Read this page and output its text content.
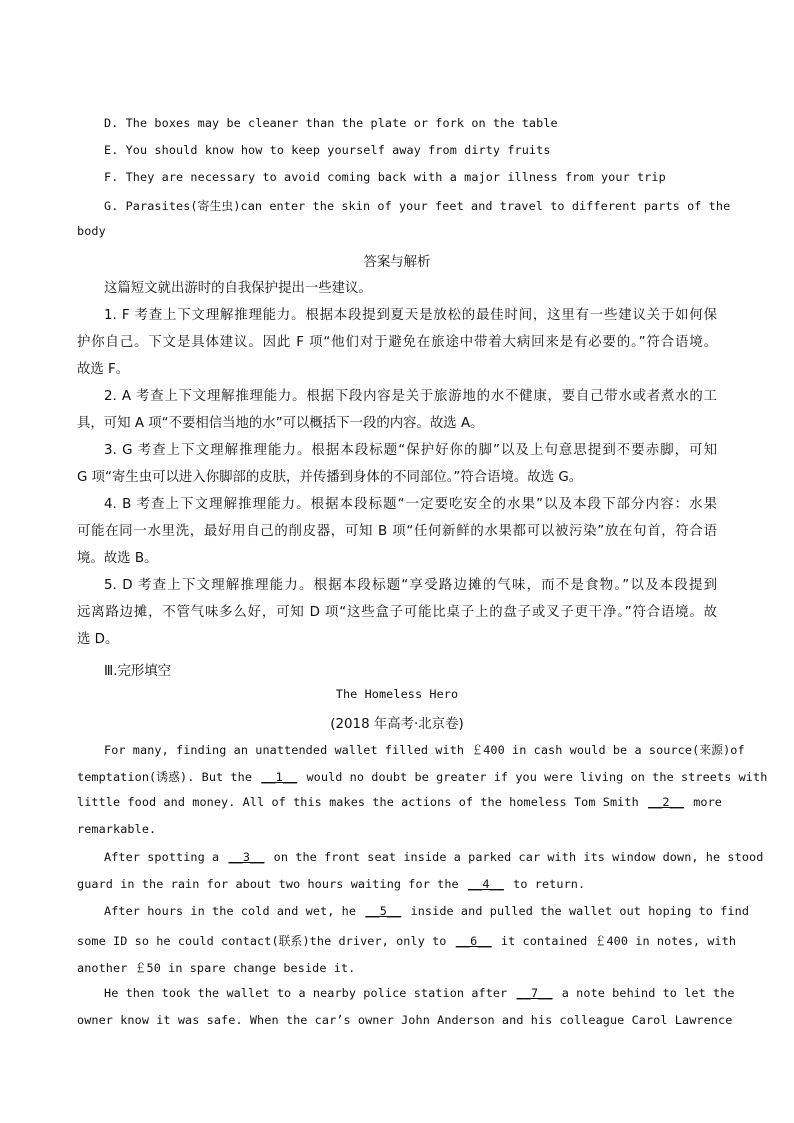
D. The boxes may be cleaner than the plate or fork on the table
E. You should know how to keep yourself away from dirty fruits
F. They are necessary to avoid coming back with a major illness from your trip
G. Parasites(寄生虫)can enter the skin of your feet and travel to different parts of the
body
答案与解析
这篇短文就出游时的自我保护提出一些建议。
1. F 考查上下文理解推理能力。根据本段提到夏天是放松的最佳时间，这里有一些建议关于如何保
护你自己。下文是具体建议。因此 F 项“他们对于避免在旅途中带着大病回来是有必要的。”符合语境。
故选 F。
2. A 考查上下文理解推理能力。根据下段内容是关于旅游地的水不健康，要自己带水或者煮水的工
具，可知 A 项“不要相信当地的水”可以概括下一段的内容。故选 A。
3. G 考查上下文理解推理能力。根据本段标题“保护好你的脚”以及上句意思提到不要赤脚，可知
G 项“寄生虫可以进入你脚部的皮肤，并传播到身体的不同部位。”符合语境。故选 G。
4. B 考查上下文理解推理能力。根据本段标题“一定要吃安全的水果”以及本段下部分内容：水果
可能在同一水里洗，最好用自己的削皮器，可知 B 项“任何新鲜的水果都可以被污染”放在句首，符合语
境。故选 B。
5. D 考查上下文理解推理能力。根据本段标题“享受路边摊的气味，而不是食物。”以及本段提到
远离路边摊，不管气味多么好，可知 D 项“这些盒子可能比桌子上的盘子或叉子更干净。”符合语境。故
选 D。
Ⅲ.完形填空
The Homeless Hero
(2018 年高考·北京卷)
For many, finding an unattended wallet filled with ￡400 in cash would be a source(来源)of
temptation(诱惑). But the __1__ would no doubt be greater if you were living on the streets with
little food and money. All of this makes the actions of the homeless Tom Smith __2__ more
remarkable.
After spotting a __3__ on the front seat inside a parked car with its window down, he stood
guard in the rain for about two hours waiting for the __4__ to return.
After hours in the cold and wet, he __5__ inside and pulled the wallet out hoping to find
some ID so he could contact(联系)the driver, only to __6__ it contained ￡400 in notes, with
another ￡50 in spare change beside it.
He then took the wallet to a nearby police station after __7__ a note behind to let the
owner know it was safe. When the car’s owner John Anderson and his colleague Carol Lawrence
